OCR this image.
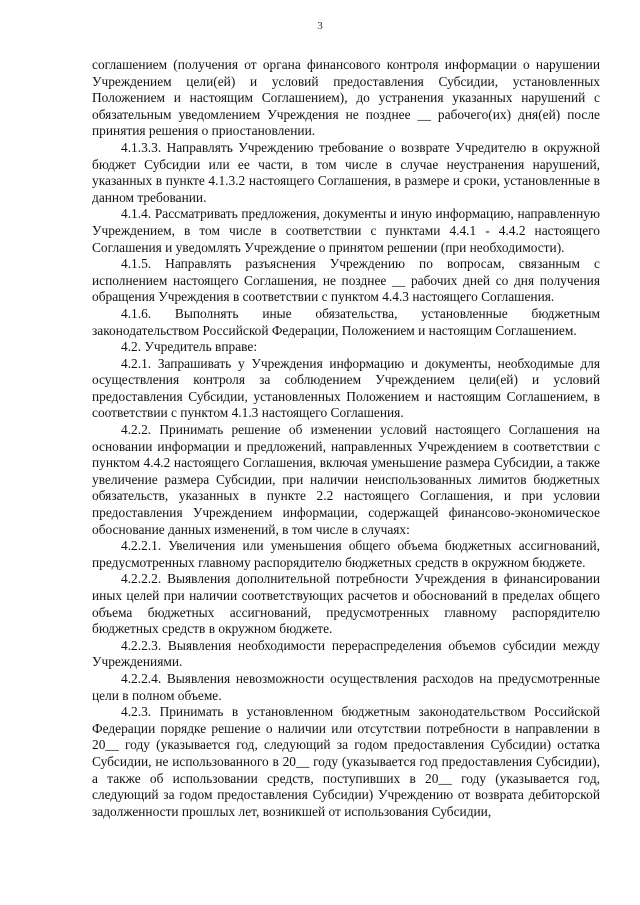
3

соглашением (получения от органа финансового контроля информации о нарушении Учреждением цели(ей) и условий предоставления Субсидии, установленных Положением и настоящим Соглашением), до устранения указанных нарушений с обязательным уведомлением Учреждения не позднее __ рабочего(их) дня(ей) после принятия решения о приостановлении.

4.1.3.3. Направлять Учреждению требование о возврате Учредителю в окружной бюджет Субсидии или ее части, в том числе в случае неустранения нарушений, указанных в пункте 4.1.3.2 настоящего Соглашения, в размере и сроки, установленные в данном требовании.

4.1.4. Рассматривать предложения, документы и иную информацию, направленную Учреждением, в том числе в соответствии с пунктами 4.4.1 - 4.4.2 настоящего Соглашения и уведомлять Учреждение о принятом решении (при необходимости).

4.1.5. Направлять разъяснения Учреждению по вопросам, связанным с исполнением настоящего Соглашения, не позднее __ рабочих дней со дня получения обращения Учреждения в соответствии с пунктом 4.4.3 настоящего Соглашения.

4.1.6. Выполнять иные обязательства, установленные бюджетным законодательством Российской Федерации, Положением и настоящим Соглашением.

4.2. Учредитель вправе:

4.2.1. Запрашивать у Учреждения информацию и документы, необходимые для осуществления контроля за соблюдением Учреждением цели(ей) и условий предоставления Субсидии, установленных Положением и настоящим Соглашением, в соответствии с пунктом 4.1.3 настоящего Соглашения.

4.2.2. Принимать решение об изменении условий настоящего Соглашения на основании информации и предложений, направленных Учреждением в соответствии с пунктом 4.4.2 настоящего Соглашения, включая уменьшение размера Субсидии, а также увеличение размера Субсидии, при наличии неиспользованных лимитов бюджетных обязательств, указанных в пункте 2.2 настоящего Соглашения, и при условии предоставления Учреждением информации, содержащей финансово-экономическое обоснование данных изменений, в том числе в случаях:

4.2.2.1. Увеличения или уменьшения общего объема бюджетных ассигнований, предусмотренных главному распорядителю бюджетных средств в окружном бюджете.

4.2.2.2. Выявления дополнительной потребности Учреждения в финансировании иных целей при наличии соответствующих расчетов и обоснований в пределах общего объема бюджетных ассигнований, предусмотренных главному распорядителю бюджетных средств в окружном бюджете.

4.2.2.3. Выявления необходимости перераспределения объемов субсидии между Учреждениями.

4.2.2.4. Выявления невозможности осуществления расходов на предусмотренные цели в полном объеме.

4.2.3. Принимать в установленном бюджетным законодательством Российской Федерации порядке решение о наличии или отсутствии потребности в направлении в 20__ году (указывается год, следующий за годом предоставления Субсидии) остатка Субсидии, не использованного в 20__ году (указывается год предоставления Субсидии), а также об использовании средств, поступивших в 20__ году (указывается год, следующий за годом предоставления Субсидии) Учреждению от возврата дебиторской задолженности прошлых лет, возникшей от использования Субсидии,
